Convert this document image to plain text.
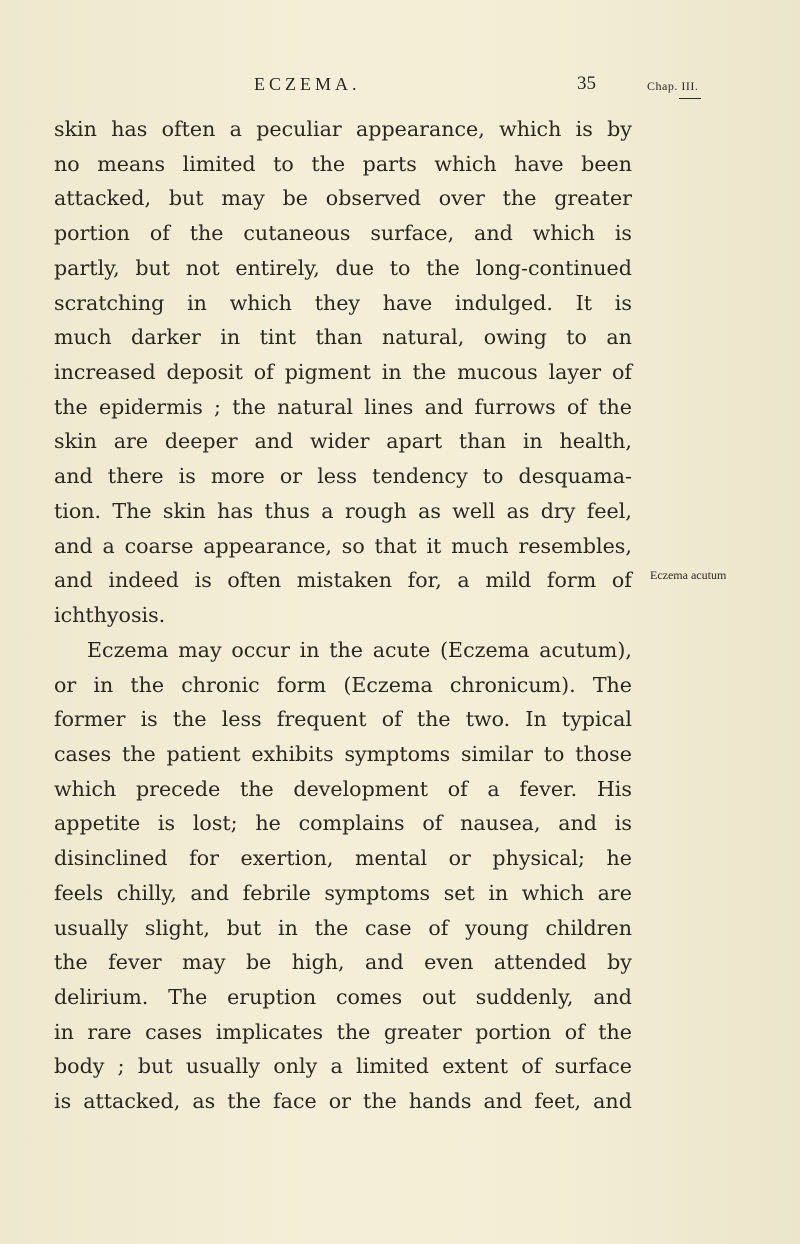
ECZEMA.	35	Chap. III.
Eczema acutum
skin has often a peculiar appearance, which is by
no means limited to the parts which have been
attacked, but may be observed over the greater
portion of the cutaneous surface, and which is
partly, but not entirely, due to the long-continued
scratching in which they have indulged. It is
much darker in tint than natural, owing to an
increased deposit of pigment in the mucous layer of
the epidermis ; the natural lines and furrows of the
skin are deeper and wider apart than in health,
and there is more or less tendency to desquama-
tion. The skin has thus a rough as well as dry feel,
and a coarse appearance, so that it much resembles,
and indeed is often mistaken for, a mild form of
ichthyosis.
Eczema may occur in the acute (Eczema acutum),
or in the chronic form (Eczema chronicum). The
former is the less frequent of the two. In typical
cases the patient exhibits symptoms similar to those
which precede the development of a fever. His
appetite is lost; he complains of nausea, and is
disinclined for exertion, mental or physical; he
feels chilly, and febrile symptoms set in which are
usually slight, but in the case of young children
the fever may be high, and even attended by
delirium. The eruption comes out suddenly, and
in rare cases implicates the greater portion of the
body ; but usually only a limited extent of surface
is attacked, as the face or the hands and feet, and
